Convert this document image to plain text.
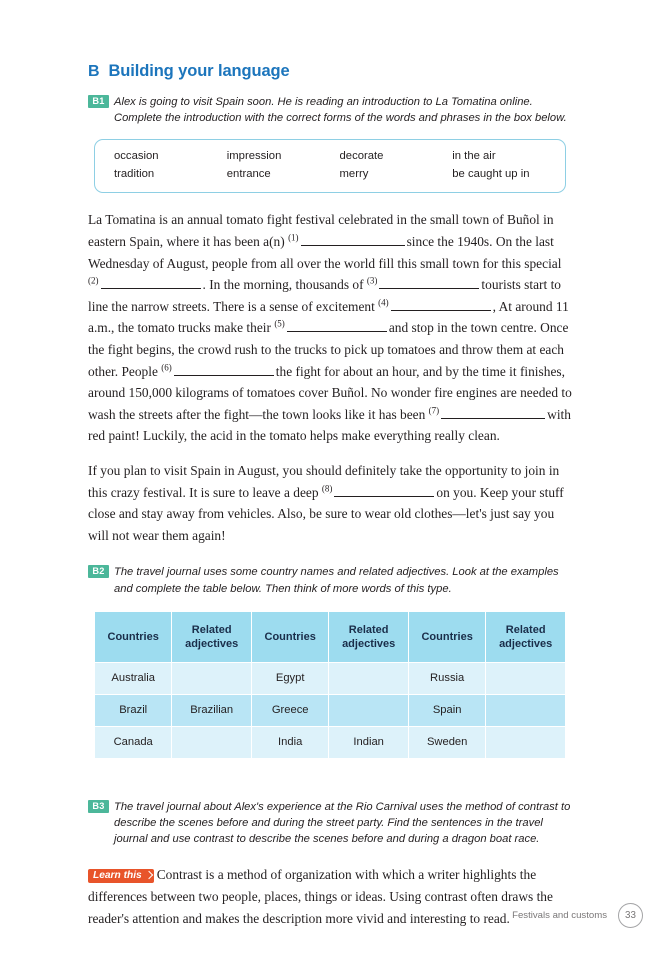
B Building your language
B1 Alex is going to visit Spain soon. He is reading an introduction to La Tomatina online. Complete the introduction with the correct forms of the words and phrases in the box below.
occasion	impression	decorate	in the air
tradition	entrance	merry	be caught up in

La Tomatina is an annual tomato fight festival celebrated in the small town of Buñol in eastern Spain, where it has been a(n) $^{(1)}$	since the 1940s. On the last Wednesday of August, people from all over the world fill this small town for this special $^{(2)}$	. In the morning, thousands of $^{(3)}$	tourists start to line the narrow streets. There is a sense of excitement $^{(4)}$	, At around 11 a.m., the tomato trucks make their $^{(5)}$	and stop in the town centre. Once the fight begins, the crowd rush to the trucks to pick up tomatoes and throw them at each other. People $^{(6)}$	the fight for about an hour, and by the time it finishes, around 150,000 kilograms of tomatoes cover Buñol. No wonder fire engines are needed to wash the streets after the fight—the town looks like it has been $^{(7)}$	with red paint! Luckily, the acid in the tomato helps make everything really clean.

If you plan to visit Spain in August, you should definitely take the opportunity to join in this crazy festival. It is sure to leave a deep $^{(8)}$	on you. Keep your stuff close and stay away from vehicles. Also, be sure to wear old clothes—let's just say you will not wear them again!

B2 The travel journal uses some country names and related adjectives. Look at the examples and complete the table below. Then think of more words of this type.
Countries	Related adjectives	Countries	Related adjectives	Countries	Related adjectives
Australia		Egypt		Russia	
Brazil	Brazilian	Greece		Spain	
Canada		India	Indian	Sweden	
B3 The travel journal about Alex's experience at the Rio Carnival uses the method of contrast to describe the scenes before and during the street party. Find the sentences in the travel journal and use contrast to describe the scenes before and during a dragon boat race.
Learn this Contrast is a method of organization with which a writer highlights the differences between two people, places, things or ideas. Using contrast often draws the reader's attention and makes the description more vivid and interesting to read. Festivals and customs	33
